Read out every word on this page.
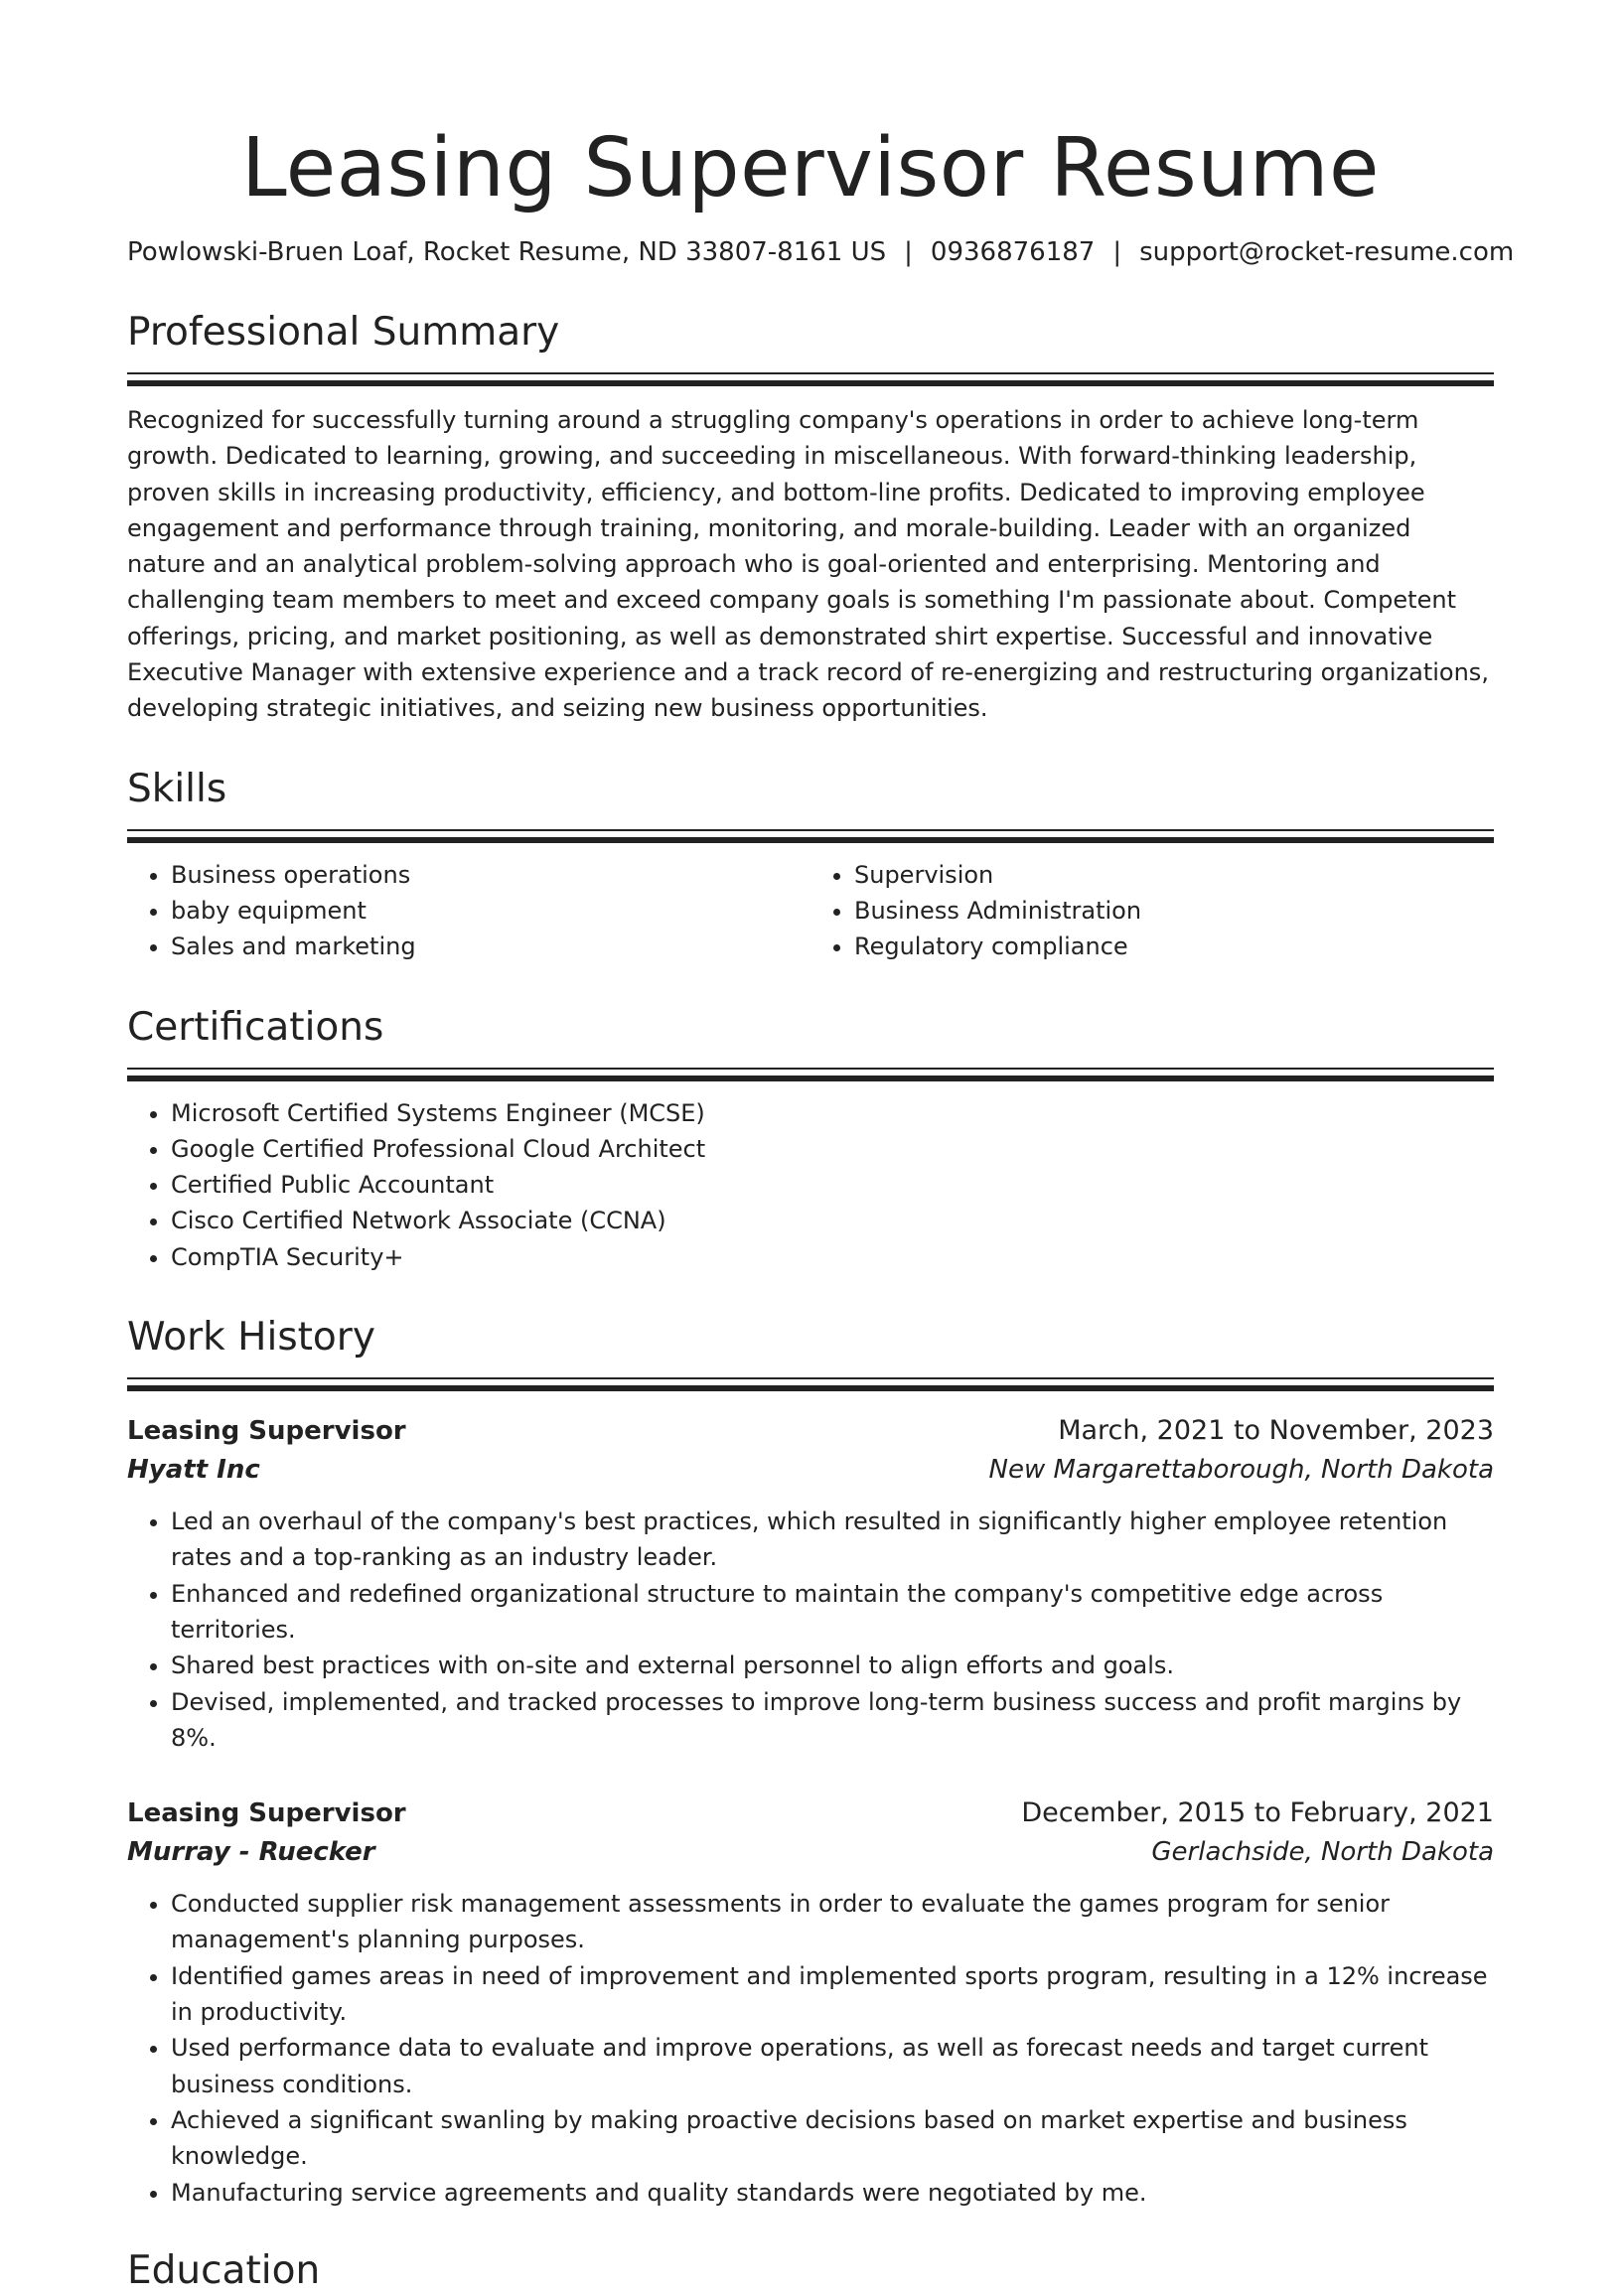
Leasing Supervisor Resume
Powlowski-Bruen Loaf, Rocket Resume, ND 33807-8161 US | 0936876187 | support@rocket-resume.com
Professional Summary

Recognized for successfully turning around a struggling company's operations in order to achieve long-term growth. Dedicated to learning, growing, and succeeding in miscellaneous. With forward-thinking leadership, proven skills in increasing productivity, efficiency, and bottom-line profits. Dedicated to improving employee engagement and performance through training, monitoring, and morale-building. Leader with an organized nature and an analytical problem-solving approach who is goal-oriented and enterprising. Mentoring and challenging team members to meet and exceed company goals is something I'm passionate about. Competent offerings, pricing, and market positioning, as well as demonstrated shirt expertise. Successful and innovative Executive Manager with extensive experience and a track record of re-energizing and restructuring organizations, developing strategic initiatives, and seizing new business opportunities.

Skills
• Business operations
• baby equipment
• Sales and marketing
• Supervision
• Business Administration
• Regulatory compliance
Certifications
• Microsoft Certified Systems Engineer (MCSE)
• Google Certified Professional Cloud Architect
• Certified Public Accountant
• Cisco Certified Network Associate (CCNA)
• CompTIA Security+
Work History
Leasing Supervisor	March, 2021 to November, 2023
Hyatt Inc	New Margarettaborough, North Dakota
• Led an overhaul of the company's best practices, which resulted in significantly higher employee retention rates and a top-ranking as an industry leader.
• Enhanced and redefined organizational structure to maintain the company's competitive edge across territories.
• Shared best practices with on-site and external personnel to align efforts and goals.
• Devised, implemented, and tracked processes to improve long-term business success and profit margins by 8%.
Leasing Supervisor	December, 2015 to February, 2021
Murray - Ruecker	Gerlachside, North Dakota
• Conducted supplier risk management assessments in order to evaluate the games program for senior management's planning purposes.
• Identified games areas in need of improvement and implemented sports program, resulting in a 12% increase in productivity.
• Used performance data to evaluate and improve operations, as well as forecast needs and target current business conditions.
• Achieved a significant swanling by making proactive decisions based on market expertise and business knowledge.
• Manufacturing service agreements and quality standards were negotiated by me.
Education
